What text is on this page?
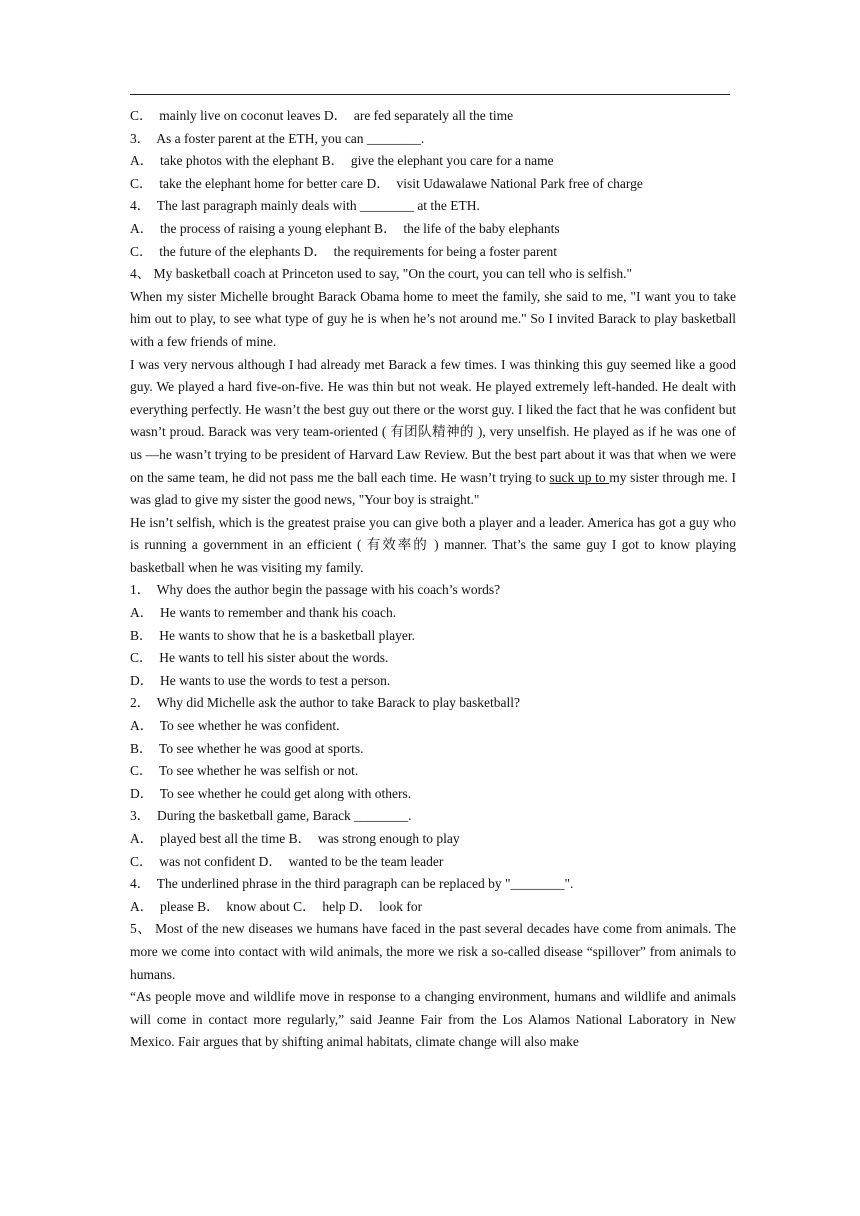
C．  mainly live on coconut leaves D．  are fed separately all the time
3．  As a foster parent at the ETH, you can ________.
A．  take photos with the elephant B．  give the elephant you care for a name
C．  take the elephant home for better care D．  visit Udawalawe National Park free of charge
4．  The last paragraph mainly deals with ________ at the ETH.
A．  the process of raising a young elephant B．  the life of the baby elephants
C．  the future of the elephants D．  the requirements for being a foster parent
4、 My basketball coach at Princeton used to say, "On the court, you can tell who is selfish."
When my sister Michelle brought Barack Obama home to meet the family, she said to me, "I want you to take him out to play, to see what type of guy he is when he’s not around me." So I invited Barack to play basketball with a few friends of mine.
I was very nervous although I had already met Barack a few times. I was thinking this guy seemed like a good guy. We played a hard five-on-five. He was thin but not weak. He played extremely left-handed. He dealt with everything perfectly. He wasn’t the best guy out there or the worst guy. I liked the fact that he was confident but wasn’t proud. Barack was very team-oriented ( 有团队精神的 ), very unselfish. He played as if he was one of us —he wasn’t trying to be president of Harvard Law Review. But the best part about it was that when we were on the same team, he did not pass me the ball each time. He wasn’t trying to suck up to my sister through me. I was glad to give my sister the good news, "Your boy is straight."
He isn’t selfish, which is the greatest praise you can give both a player and a leader. America has got a guy who is running a government in an efficient ( 有效率的 ) manner. That’s the same guy I got to know playing basketball when he was visiting my family.
1．  Why does the author begin the passage with his coach’s words?
A．  He wants to remember and thank his coach.
B．  He wants to show that he is a basketball player.
C．  He wants to tell his sister about the words.
D．  He wants to use the words to test a person.
2．  Why did Michelle ask the author to take Barack to play basketball?
A．  To see whether he was confident.
B．  To see whether he was good at sports.
C．  To see whether he was selfish or not.
D．  To see whether he could get along with others.
3．  During the basketball game, Barack ________.
A．  played best all the time B．  was strong enough to play
C．  was not confident D．  wanted to be the team leader
4．  The underlined phrase in the third paragraph can be replaced by "________".
A．  please B．  know about C．  help D．  look for
5、 Most of the new diseases we humans have faced in the past several decades have come from animals. The more we come into contact with wild animals, the more we risk a so-called disease “spillover” from animals to humans.
“As people move and wildlife move in response to a changing environment, humans and wildlife and animals will come in contact more regularly,” said Jeanne Fair from the Los Alamos National Laboratory in New Mexico. Fair argues that by shifting animal habitats, climate change will also make
